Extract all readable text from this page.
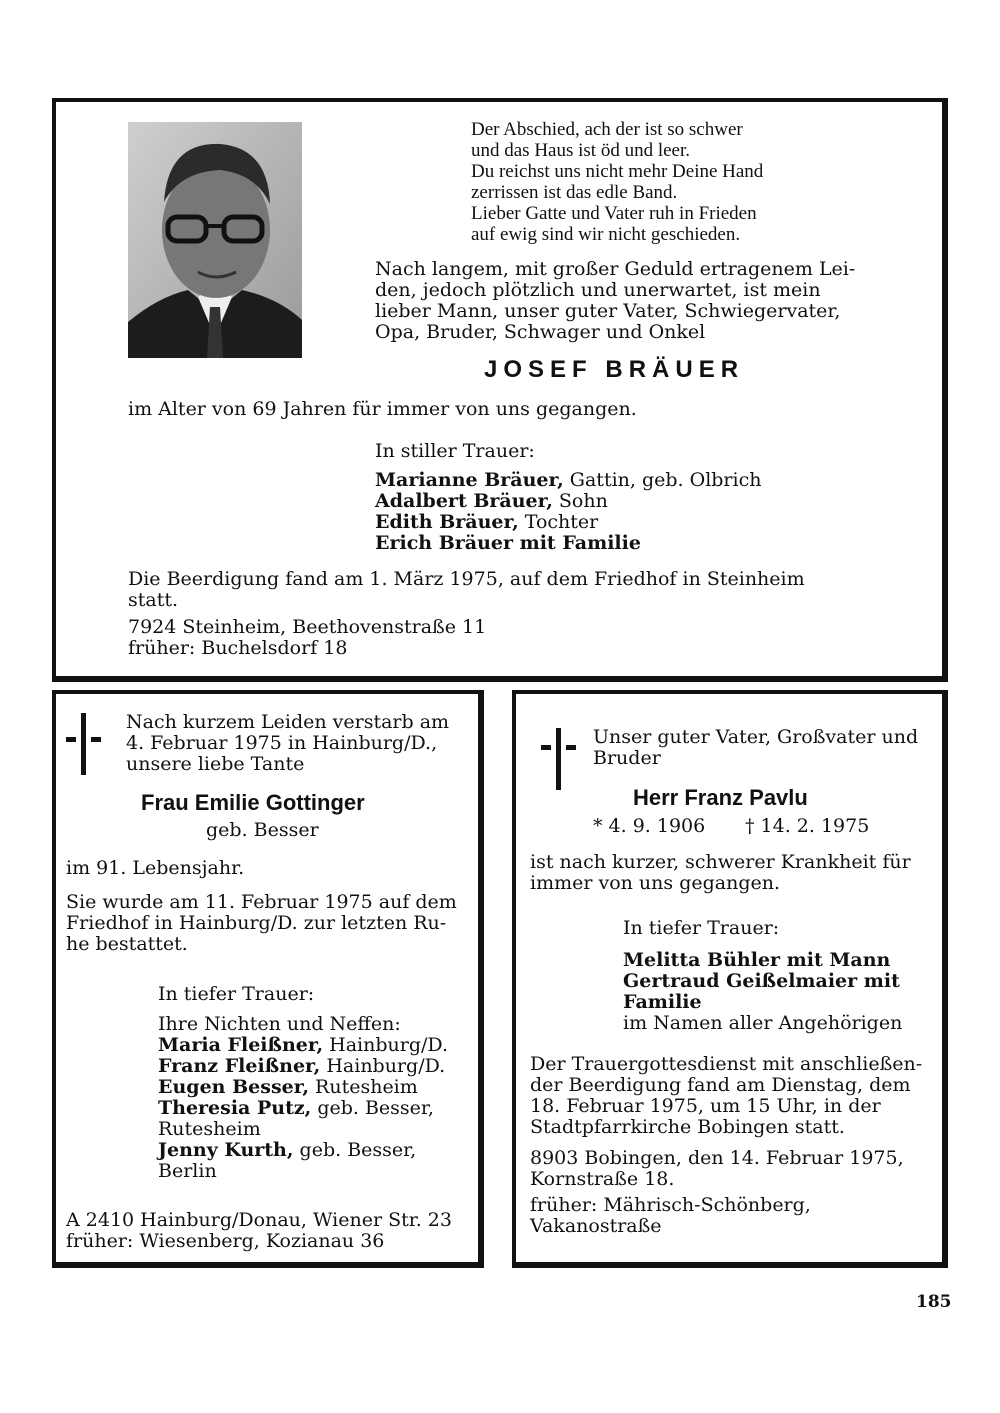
Der Abschied, ach der ist so schwer
und das Haus ist öd und leer.
Du reichst uns nicht mehr Deine Hand
zerrissen ist das edle Band.
Lieber Gatte und Vater ruh in Frieden
auf ewig sind wir nicht geschieden.
Nach langem, mit großer Geduld ertragenem Lei-
den, jedoch plötzlich und unerwartet, ist mein
lieber Mann, unser guter Vater, Schwiegervater,
Opa, Bruder, Schwager und Onkel
JOSEF BRÄUER
im Alter von 69 Jahren für immer von uns gegangen.
In stiller Trauer:
Marianne Bräuer, Gattin, geb. Olbrich
Adalbert Bräuer, Sohn
Edith Bräuer, Tochter
Erich Bräuer mit Familie
Die Beerdigung fand am 1. März 1975, auf dem Friedhof in Steinheim
statt.
7924 Steinheim, Beethovenstraße 11
früher: Buchelsdorf 18
Nach kurzem Leiden verstarb am
4. Februar 1975 in Hainburg/D.,
unsere liebe Tante
Frau Emilie Gottinger
geb. Besser
im 91. Lebensjahr.
Sie wurde am 11. Februar 1975 auf dem
Friedhof in Hainburg/D. zur letzten Ru-
he bestattet.
In tiefer Trauer:
Ihre Nichten und Neffen:
Maria Fleißner, Hainburg/D.
Franz Fleißner, Hainburg/D.
Eugen Besser, Rutesheim
Theresia Putz, geb. Besser,
Rutesheim
Jenny Kurth, geb. Besser,
Berlin
A 2410 Hainburg/Donau, Wiener Str. 23
früher: Wiesenberg, Kozianau 36
Unser guter Vater, Großvater und
Bruder
Herr Franz Pavlu
* 4. 9. 1906 † 14. 2. 1975
ist nach kurzer, schwerer Krankheit für
immer von uns gegangen.
In tiefer Trauer:
Melitta Bühler mit Mann
Gertraud Geißelmaier mit
Familie
im Namen aller Angehörigen
Der Trauergottesdienst mit anschließen-
der Beerdigung fand am Dienstag, dem
18. Februar 1975, um 15 Uhr, in der
Stadtpfarrkirche Bobingen statt.
8903 Bobingen, den 14. Februar 1975,
Kornstraße 18.
früher: Mährisch-Schönberg,
Vakanostraße
185
